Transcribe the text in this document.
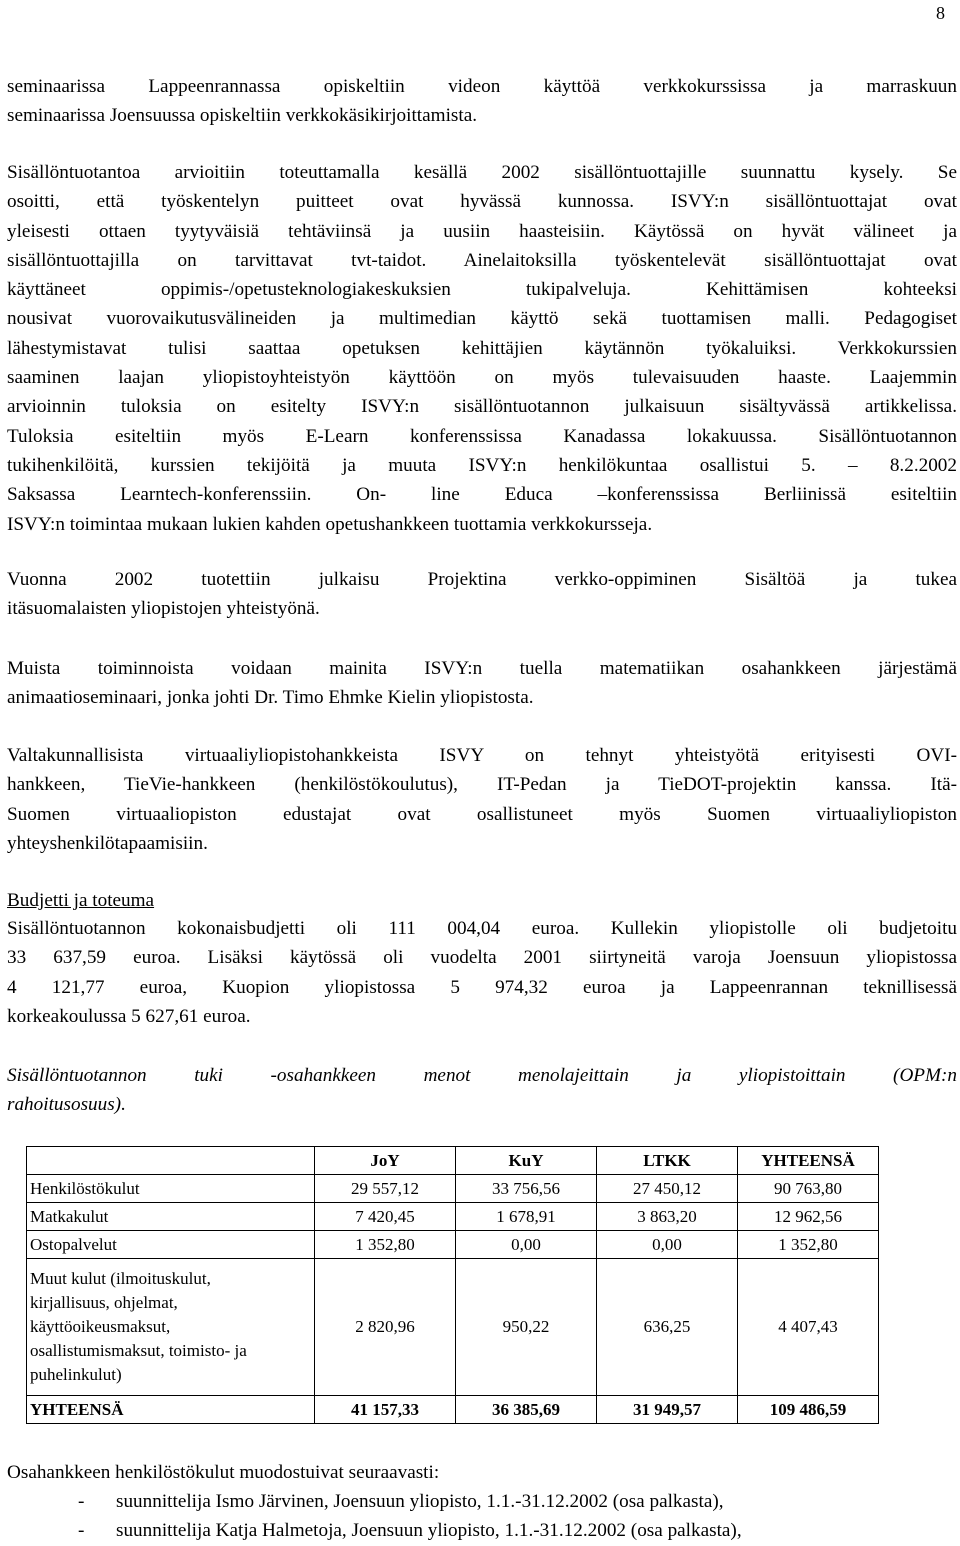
8
seminaarissa Lappeenrannassa opiskeltiin videon käyttöä verkkokurssissa ja marraskuun
seminaarissa Joensuussa opiskeltiin verkkokäsikirjoittamista.
Sisällöntuotantoa arvioitiin toteuttamalla kesällä 2002 sisällöntuottajille suunnattu kysely. Se
osoitti, että työskentelyn puitteet ovat hyvässä kunnossa. ISVY:n sisällöntuottajat ovat
yleisesti ottaen tyytyväisiä tehtäviinsä ja uusiin haasteisiin. Käytössä on hyvät välineet ja
sisällöntuottajilla on tarvittavat tvt-taidot. Ainelaitoksilla työskentelevät sisällöntuottajat ovat
käyttäneet oppimis-/opetusteknologiakeskuksien tukipalveluja. Kehittämisen kohteeksi
nousivat vuorovaikutusvälineiden ja multimedian käyttö sekä tuottamisen malli. Pedagogiset
lähestymistavat tulisi saattaa opetuksen kehittäjien käytännön työkaluiksi. Verkkokurssien
saaminen laajan yliopistoyhteistyön käyttöön on myös tulevaisuuden haaste. Laajemmin
arvioinnin tuloksia on esitelty ISVY:n sisällöntuotannon julkaisuun sisältyvässä artikkelissa.
Tuloksia esiteltiin myös E-Learn konferenssissa Kanadassa lokakuussa. Sisällöntuotannon
tukihenkilöitä, kurssien tekijöitä ja muuta ISVY:n henkilökuntaa osallistui 5. – 8.2.2002
Saksassa Learntech-konferenssiin. On- line Educa –konferenssissa Berliinissä esiteltiin
ISVY:n toimintaa mukaan lukien kahden opetushankkeen tuottamia verkkokursseja.
Vuonna 2002 tuotettiin julkaisu Projektina verkko-oppiminen Sisältöä ja tukea
itäsuomalaisten yliopistojen yhteistyönä.
Muista toiminnoista voidaan mainita ISVY:n tuella matematiikan osahankkeen järjestämä
animaatioseminaari, jonka johti Dr. Timo Ehmke Kielin yliopistosta.
Valtakunnallisista virtuaaliyliopistohankkeista ISVY on tehnyt yhteistyötä erityisesti OVI-
hankkeen, TieVie-hankkeen (henkilöstökoulutus), IT-Pedan ja TieDOT-projektin kanssa. Itä-
Suomen virtuaaliopiston edustajat ovat osallistuneet myös Suomen virtuaaliyliopiston
yhteyshenkilötapaamisiin.
Budjetti ja toteuma
Sisällöntuotannon kokonaisbudjetti oli 111 004,04 euroa. Kullekin yliopistolle oli budjetoitu
33 637,59 euroa. Lisäksi käytössä oli vuodelta 2001 siirtyneitä varoja Joensuun yliopistossa
4 121,77 euroa, Kuopion yliopistossa 5 974,32 euroa ja Lappeenrannan teknillisessä
korkeakoulussa 5 627,61 euroa.
Sisällöntuotannon tuki -osahankkeen menot menolajeittain ja yliopistoittain (OPM:n
rahoitusosuus).
	JoY	KuY	LTKK	YHTEENSÄ
Henkilöstökulut	29 557,12	33 756,56	27 450,12	90 763,80
Matkakulut	7 420,45	1 678,91	3 863,20	12 962,56
Ostopalvelut	1 352,80	0,00	0,00	1 352,80

Muut kulut (ilmoituskulut,
kirjallisuus, ohjelmat,
käyttöoikeusmaksut,
osallistumismaksut, toimisto- ja
puhelinkulut)	2 820,96	950,22	636,25	4 407,43
YHTEENSÄ	41 157,33	36 385,69	31 949,57	109 486,59
Osahankkeen henkilöstökulut muodostuivat seuraavasti:
- suunnittelija Ismo Järvinen, Joensuun yliopisto, 1.1.-31.12.2002 (osa palkasta),
- suunnittelija Katja Halmetoja, Joensuun yliopisto, 1.1.-31.12.2002 (osa palkasta),
